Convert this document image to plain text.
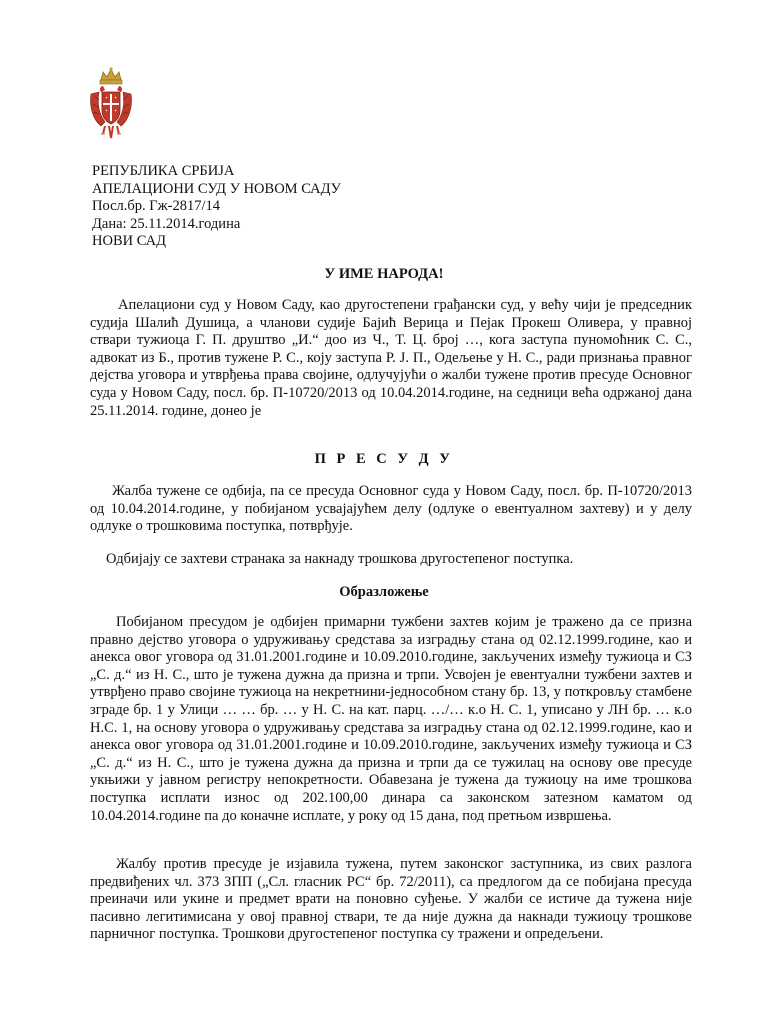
РЕПУБЛИКА СРБИЈА
АПЕЛАЦИОНИ СУД У НОВОМ САДУ
Посл.бр. Гж-2817/14
Дана: 25.11.2014.година
НОВИ САД
У ИМЕ НАРОДА!

Апелациони суд у Новом Саду, као другостепени грађански суд, у већу чији је председник судија Шалић Душица, а чланови судије Бајић Верица и Пејак Прокеш Оливера, у правној ствари тужиоца Г. П. друштво „И.“ доо из Ч., Т. Ц. број …, кога заступа пуномоћник С. С., адвокат из Б., против тужене Р. С., коју заступа Р. Ј. П., Одељење у Н. С., ради признања правног дејства уговора и утврђења права својине, одлучујући о жалби тужене против пресуде Основног суда у Новом Саду, посл. бр. П-10720/2013 од 10.04.2014.године, на седници већа одржаној дана 25.11.2014. године, донео је

П Р Е С У Д У

Жалба тужене се одбија, па се пресуда Основног суда у Новом Саду, посл. бр. П-10720/2013 од 10.04.2014.године, у побијаном усвајајућем делу (одлуке о евентуалном захтеву) и у делу одлуке о трошковима поступка, потврђује.

Одбијају се захтеви странака за накнаду трошкова другостепеног поступка.

Образложење

Побијаном пресудом је одбијен примарни тужбени захтев којим је тражено да се призна правно дејство уговора о удруживању средстава за изградњу стана од 02.12.1999.године, као и анекса овог уговора од 31.01.2001.године и 10.09.2010.године, закључених између тужиоца и СЗ „С. д.“ из Н. С., што је тужена дужна да призна и трпи. Усвојен је евентуални тужбени захтев и утврђено право својине тужиоца на некретнини-једнособном стану бр. 13, у поткровљу стамбене зграде бр. 1 у Улици … … бр. … у Н. С. на кат. парц. …/… к.о Н. С. 1, уписано у ЛН бр. … к.о Н.С. 1, на основу уговора о удруживању средстава за изградњу стана од 02.12.1999.године, као и анекса овог уговора од 31.01.2001.године и 10.09.2010.године, закључених између тужиоца и СЗ „С. д.“ из Н. С., што је тужена дужна да призна и трпи да се тужилац на основу ове пресуде укњижи у јавном регистру непокретности. Обавезана је тужена да тужиоцу на име трошкова поступка исплати износ од 202.100,00 динара са законском затезном каматом од 10.04.2014.године па до коначне исплате, у року од 15 дана, под претњом извршења.

Жалбу против пресуде је изјавила тужена, путем законског заступника, из свих разлога предвиђених чл. 373 ЗПП („Сл. гласник РС“ бр. 72/2011), са предлогом да се побијана пресуда преиначи или укине и предмет врати на поновно суђење. У жалби се истиче да тужена није пасивно легитимисана у овој правној ствари, те да није дужна да накнади тужиоцу трошкове парничног поступка. Трошкови другостепеног поступка су тражени и опредељени.
